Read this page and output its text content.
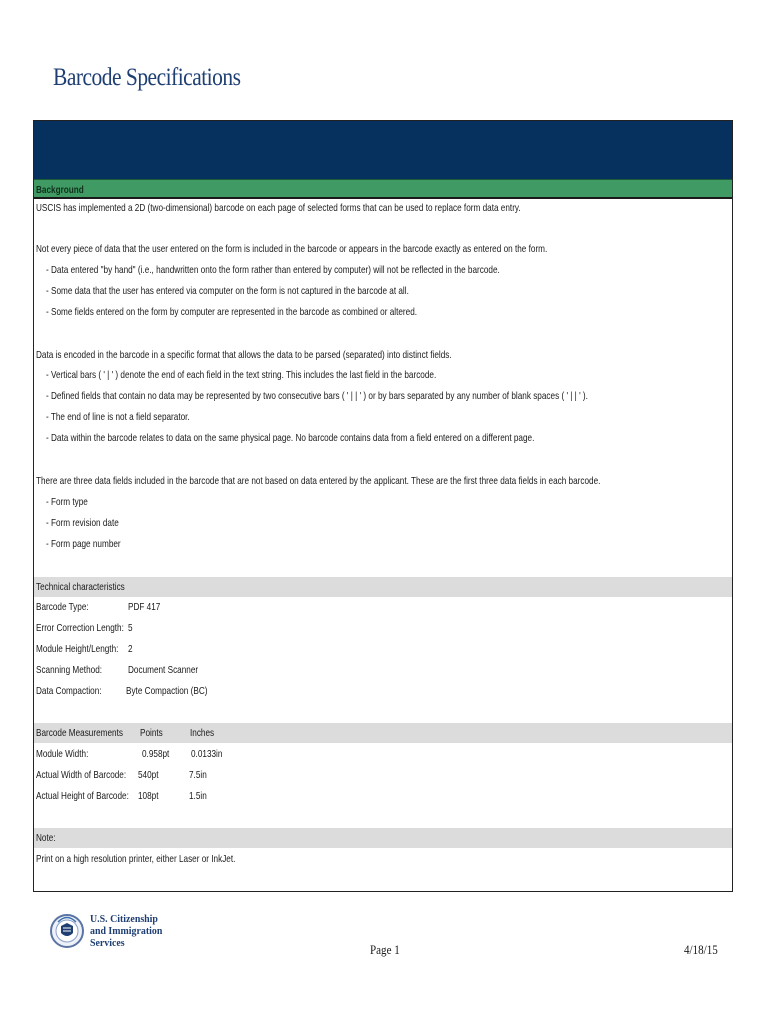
Barcode Specifications
Background
USCIS has implemented a 2D (two-dimensional) barcode on each page of selected forms that can be used to replace form data entry.
Not every piece of data that the user entered on the form is included in the barcode or appears in the barcode exactly as entered on the form.
- Data entered "by hand" (i.e., handwritten onto the form rather than entered by computer) will not be reflected in the barcode.
- Some data that the user has entered via computer on the form is not captured in the barcode at all.
- Some fields entered on the form by computer are represented in the barcode as combined or altered.
Data is encoded in the barcode in a specific format that allows the data to be parsed (separated) into distinct fields.
- Vertical bars ( ' | ' ) denote the end of each field in the text string. This includes the last field in the barcode.
- Defined fields that contain no data may be represented by two consecutive bars ( ' | | ' ) or by bars separated by any number of blank spaces ( ' | | ' ).
- The end of line is not a field separator.
- Data within the barcode relates to data on the same physical page. No barcode contains data from a field entered on a different page.
There are three data fields included in the barcode that are not based on data entered by the applicant. These are the first three data fields in each barcode.
- Form type
- Form revision date
- Form page number
Technical characteristics
Barcode Type:	PDF 417
Error Correction Length: 5
Module Height/Length: 2
Scanning Method: Document Scanner
Data Compaction: Byte Compaction (BC)
Barcode Measurements Points	Inches
Module Width:	0.958pt 0.0133in
Actual Width of Barcode: 540pt	7.5in
Actual Height of Barcode: 108pt	1.5in
Note:
Print on a high resolution printer, either Laser or InkJet.
U.S. Citizenship
and Immigration
Services	Page 1	4/18/15
